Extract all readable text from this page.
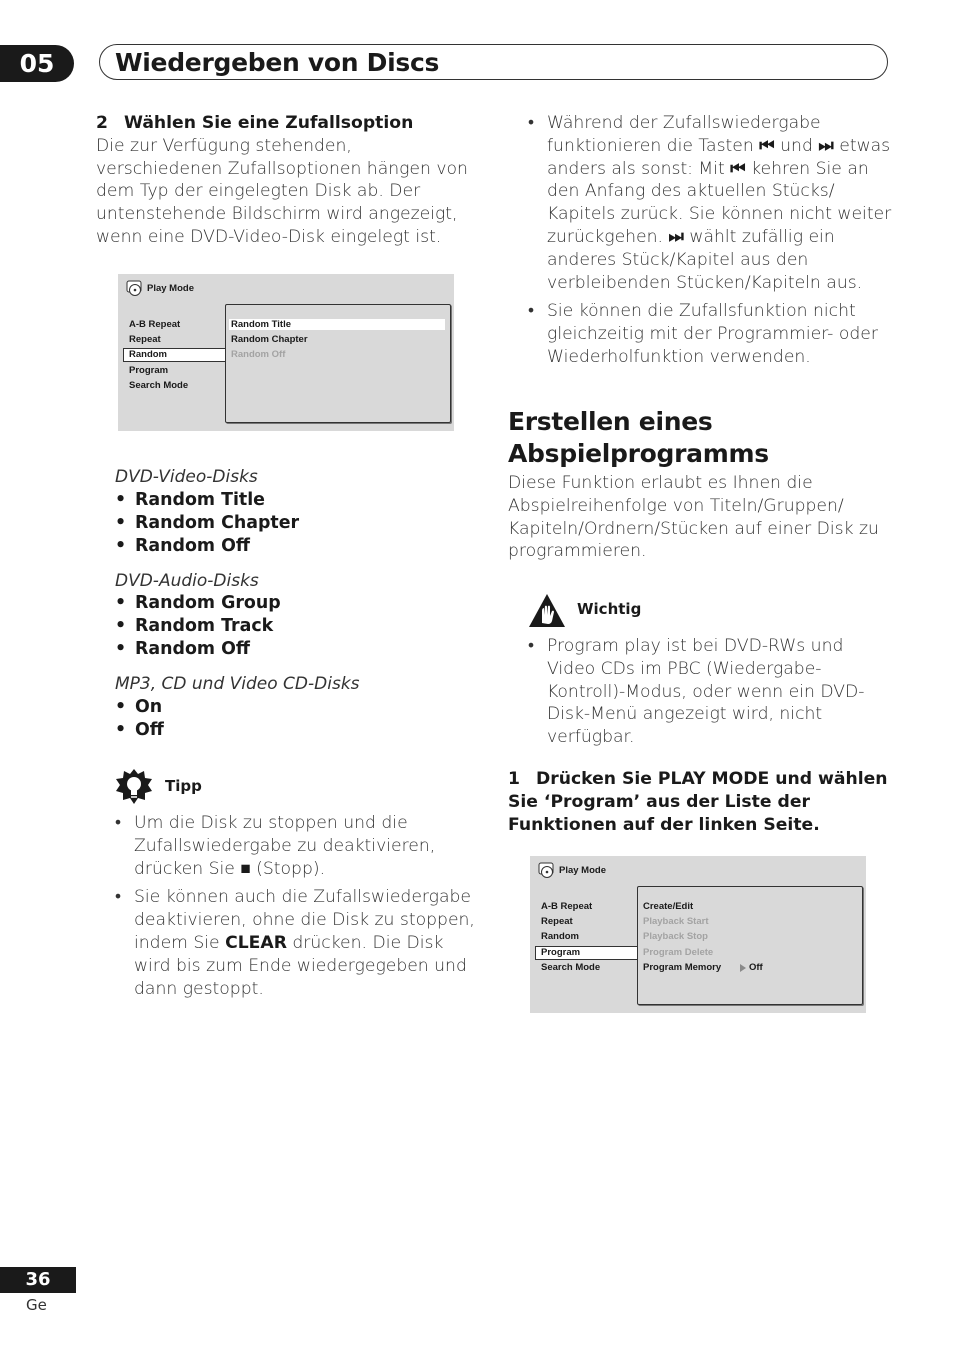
05	Wiedergeben von Discs
2 Wählen Sie eine Zufallsoption
Die zur Verfügung stehenden, verschiedenen Zufallsoptionen hängen von dem Typ der eingelegten Disk ab. Der untenstehende Bildschirm wird angezeigt, wenn eine DVD-Video-Disk eingelegt ist.
Play Mode
A-B Repeat
Repeat
Random
Program
Search Mode
Random Title
Random Chapter
Random Off
DVD-Video-Disks
• Random Title
• Random Chapter
• Random Off
DVD-Audio-Disks
• Random Group
• Random Track
• Random Off
MP3, CD und Video CD-Disks
• On
• Off
Tipp
• Um die Disk zu stoppen und die Zufallswiedergabe zu deaktivieren, drücken Sie ■ (Stopp).
• Sie können auch die Zufallswiedergabe deaktivieren, ohne die Disk zu stoppen, indem Sie CLEAR drücken. Die Disk wird bis zum Ende wiedergegeben und dann gestoppt.
• Während der Zufallswiedergabe funktionieren die Tasten ⏮ und ⏭ etwas anders als sonst: Mit ⏮ kehren Sie an den Anfang des aktuellen Stücks/ Kapitels zurück. Sie können nicht weiter zurückgehen. ⏭ wählt zufällig ein anderes Stück/Kapitel aus den verbleibenden Stücken/Kapiteln aus.
• Sie können die Zufallsfunktion nicht gleichzeitig mit der Programmier- oder Wiederholfunktion verwenden.
Erstellen eines
Abspielprogramms
Diese Funktion erlaubt es Ihnen die Abspielreihenfolge von Titeln/Gruppen/ Kapiteln/Ordnern/Stücken auf einer Disk zu programmieren.
Wichtig
• Program play ist bei DVD-RWs und Video CDs im PBC (Wiedergabe-Kontroll)-Modus, oder wenn ein DVD-Disk-Menü angezeigt wird, nicht verfügbar.
1 Drücken Sie PLAY MODE und wählen Sie ‘Program’ aus der Liste der Funktionen auf der linken Seite.
Play Mode
A-B Repeat
Repeat
Random
Program
Search Mode
Create/Edit
Playback Start
Playback Stop
Program Delete
Program Memory	Off
36
Ge
